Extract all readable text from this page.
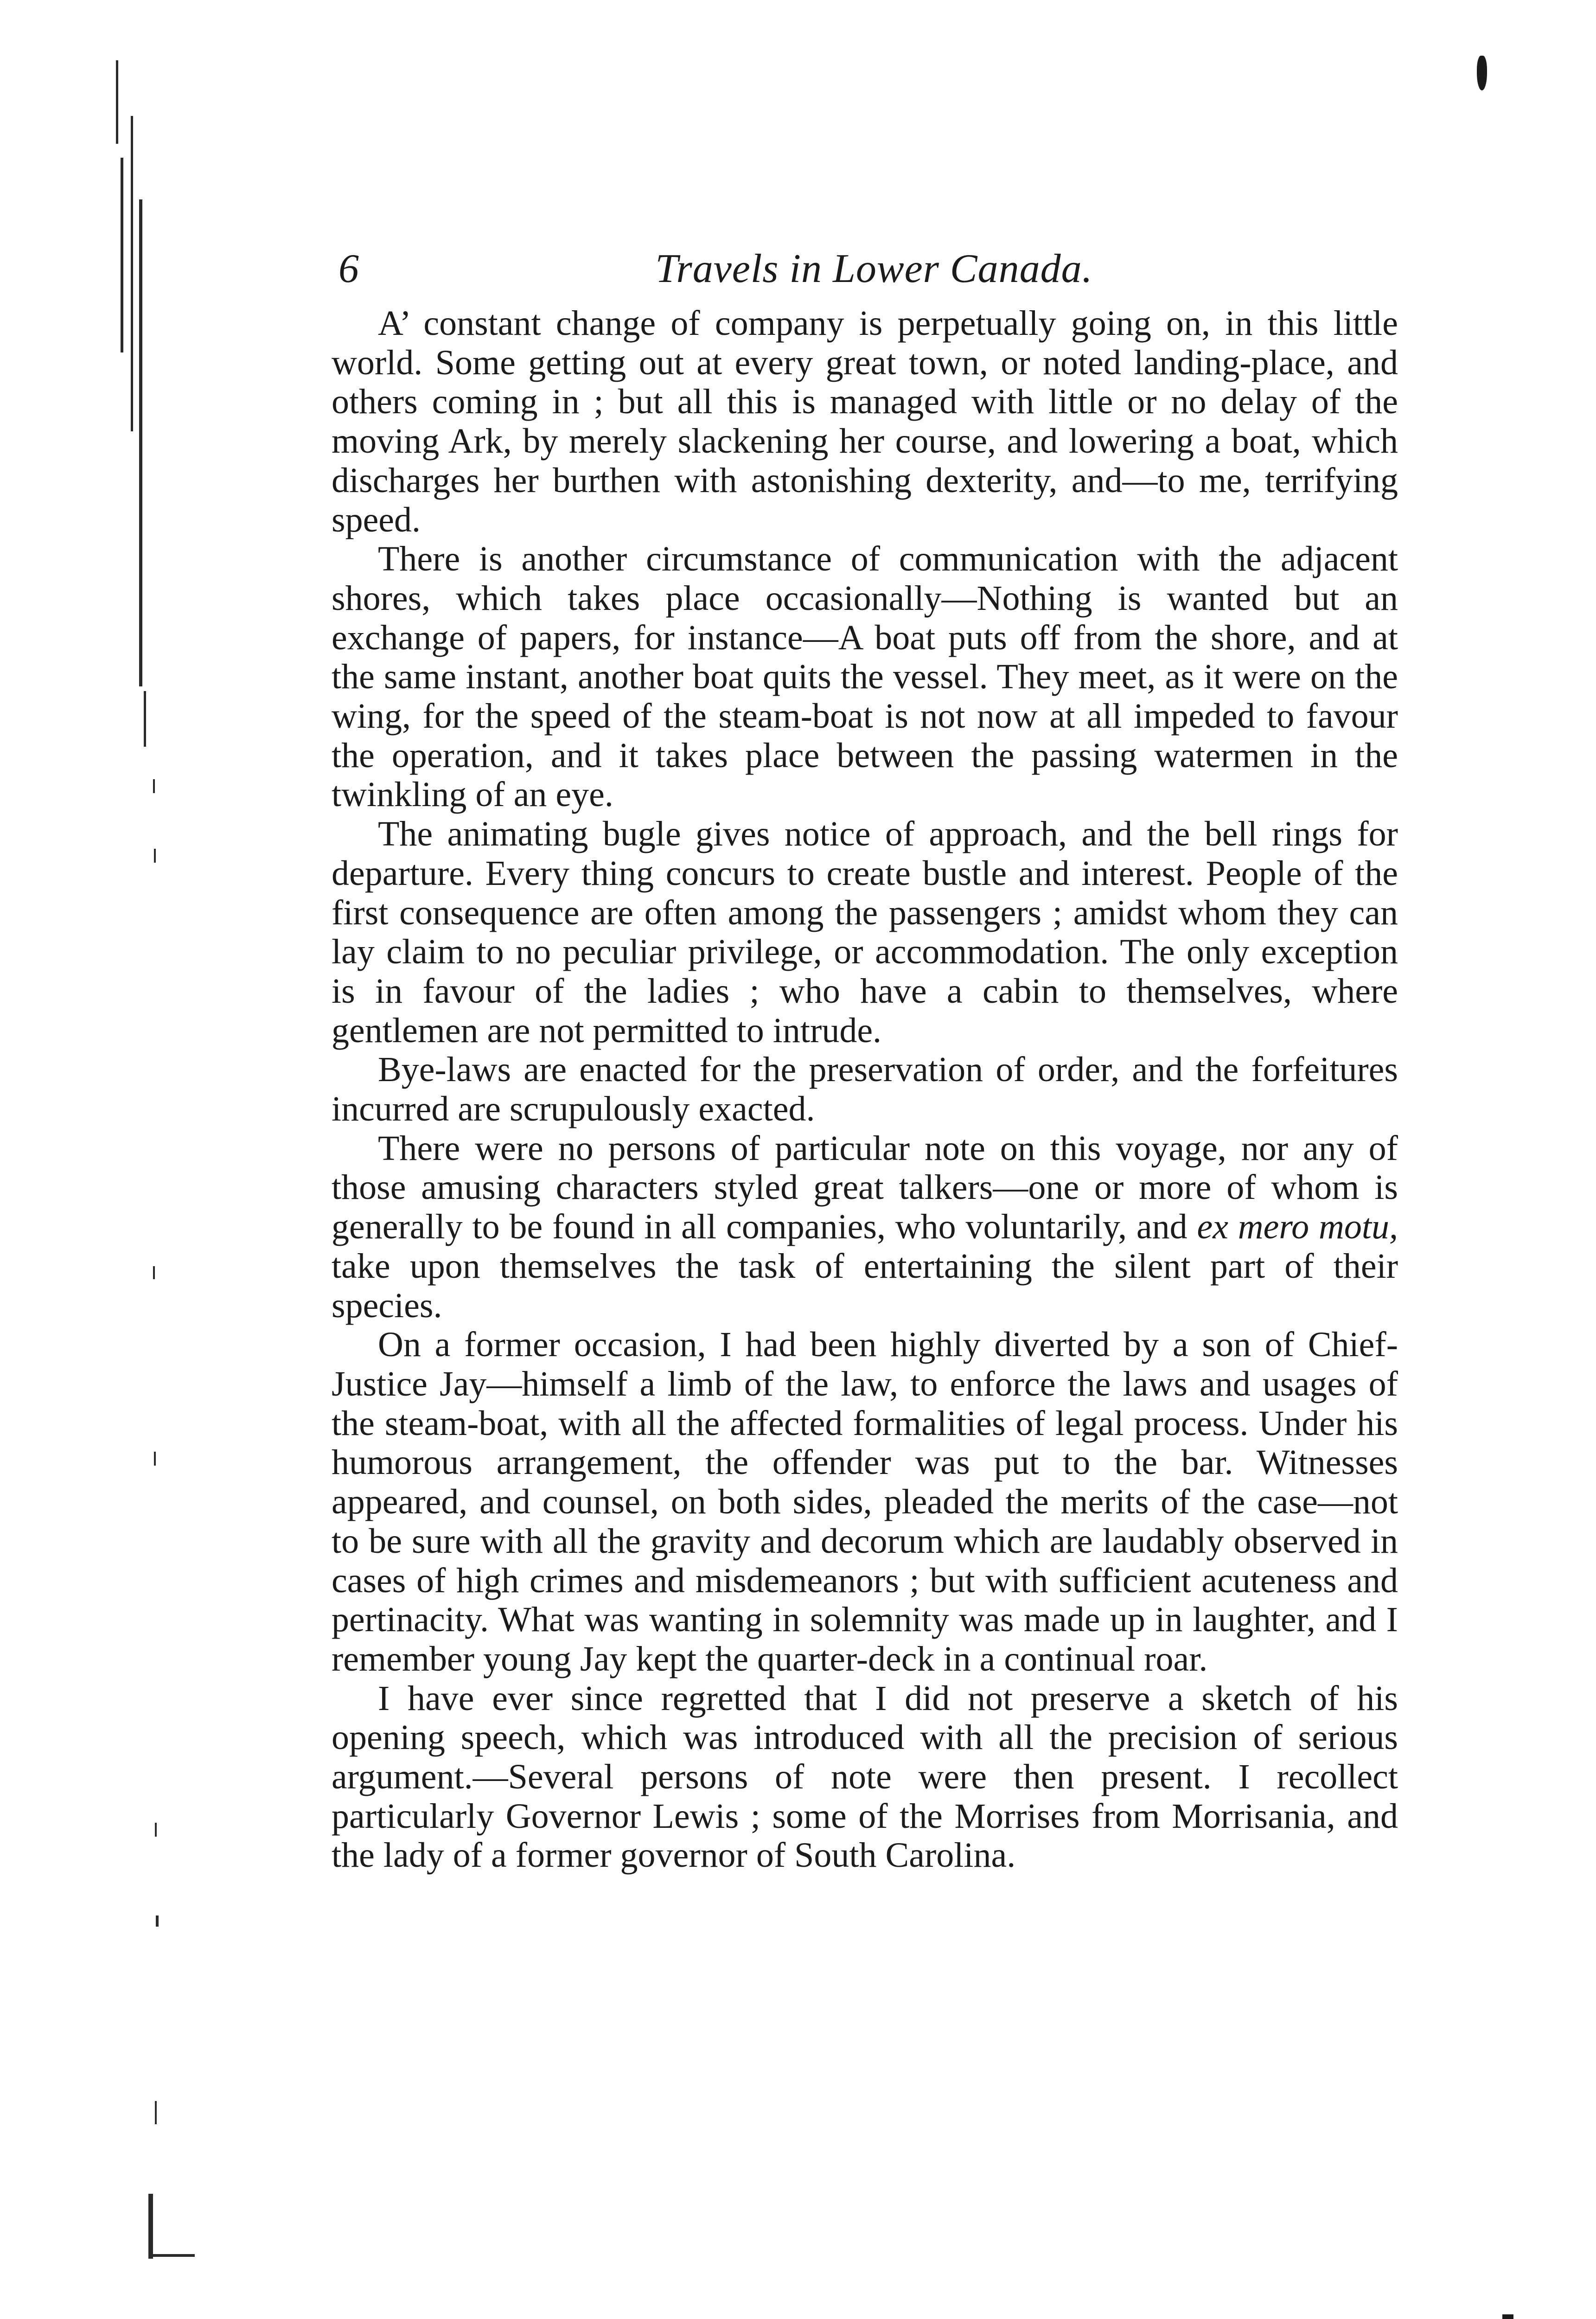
6	Travels in Lower Canada.

A’ constant change of company is perpetually going on, in this little world. Some getting out at every great town, or noted landing-place, and others coming in ; but all this is managed with little or no delay of the moving Ark, by merely slackening her course, and lowering a boat, which discharges her burthen with astonishing dexterity, and—to me, terrifying speed.

There is another circumstance of communication with the adjacent shores, which takes place occasionally—Nothing is wanted but an exchange of papers, for instance—A boat puts off from the shore, and at the same instant, another boat quits the vessel. They meet, as it were on the wing, for the speed of the steam-boat is not now at all impeded to favour the operation, and it takes place between the passing watermen in the twinkling of an eye.

The animating bugle gives notice of approach, and the bell rings for departure. Every thing concurs to create bustle and interest. People of the first consequence are often among the passengers ; amidst whom they can lay claim to no peculiar privilege, or accommodation. The only exception is in favour of the ladies ; who have a cabin to themselves, where gentlemen are not permitted to intrude.

Bye-laws are enacted for the preservation of order, and the forfeitures incurred are scrupulously exacted.

There were no persons of particular note on this voyage, nor any of those amusing characters styled great talkers—one or more of whom is generally to be found in all companies, who voluntarily, and ex mero motu, take upon themselves the task of entertaining the silent part of their species.

On a former occasion, I had been highly diverted by a son of Chief-Justice Jay—himself a limb of the law, to enforce the laws and usages of the steam-boat, with all the affected formalities of legal process. Under his humorous arrangement, the offender was put to the bar. Witnesses appeared, and counsel, on both sides, pleaded the merits of the case—not to be sure with all the gravity and decorum which are laudably observed in cases of high crimes and misdemeanors ; but with sufficient acuteness and pertinacity. What was wanting in solemnity was made up in laughter, and I remember young Jay kept the quarter-deck in a continual roar.

I have ever since regretted that I did not preserve a sketch of his opening speech, which was introduced with all the precision of serious argument.—Several persons of note were then present. I recollect particularly Governor Lewis ; some of the Morrises from Morrisania, and the lady of a former governor of South Carolina.
